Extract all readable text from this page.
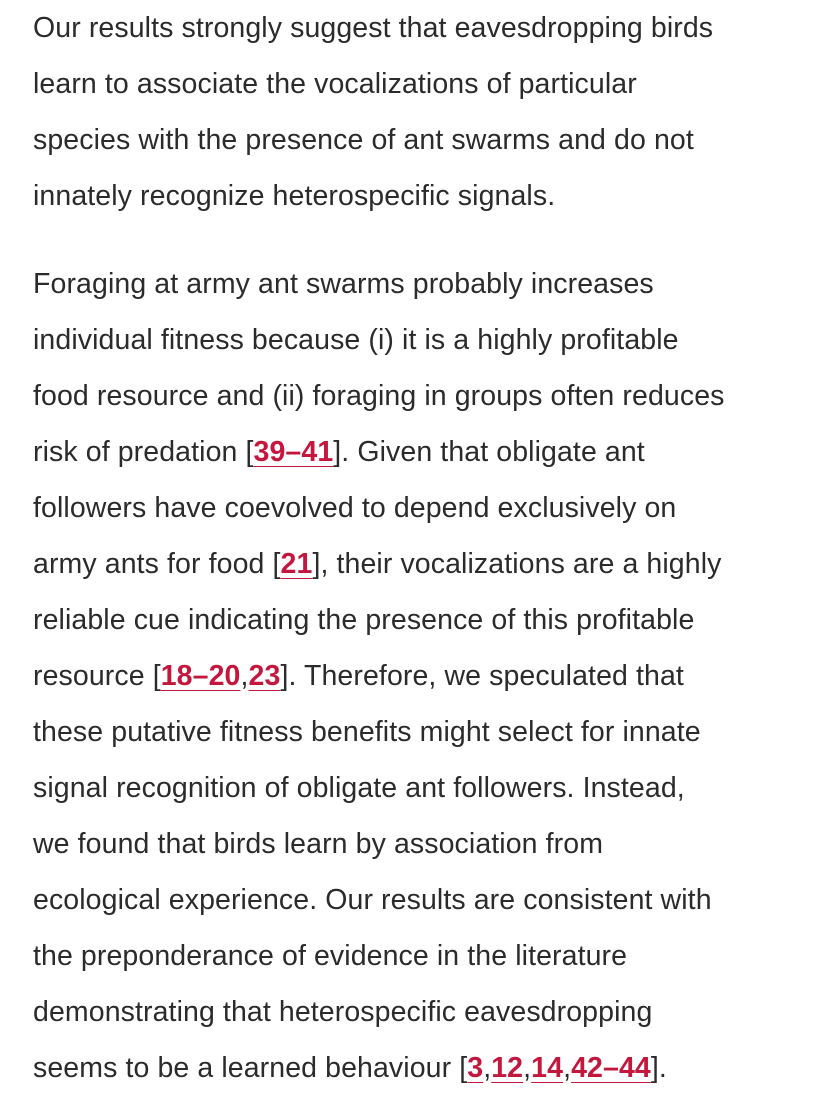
Our results strongly suggest that eavesdropping birds
learn to associate the vocalizations of particular
species with the presence of ant swarms and do not
innately recognize heterospecific signals.

Foraging at army ant swarms probably increases
individual fitness because (i) it is a highly profitable
food resource and (ii) foraging in groups often reduces
risk of predation [39–41]. Given that obligate ant
followers have coevolved to depend exclusively on
army ants for food [21], their vocalizations are a highly
reliable cue indicating the presence of this profitable
resource [18–20,23]. Therefore, we speculated that
these putative fitness benefits might select for innate
signal recognition of obligate ant followers. Instead,
we found that birds learn by association from
ecological experience. Our results are consistent with
the preponderance of evidence in the literature
demonstrating that heterospecific eavesdropping
seems to be a learned behaviour [3,12,14,42–44].
